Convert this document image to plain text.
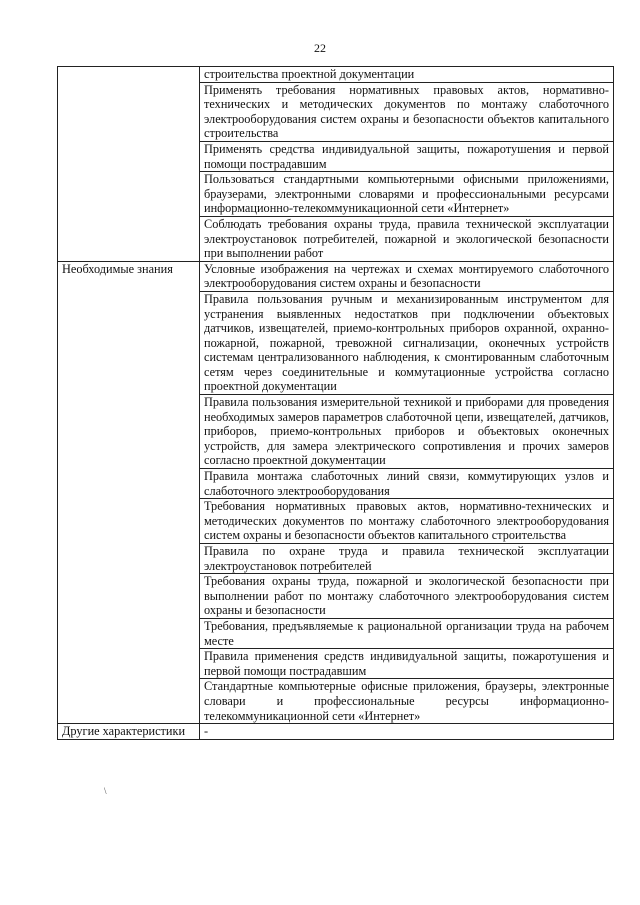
22
	строительства проектной документации
	Применять требования нормативных правовых актов, нормативно-технических и методических документов по монтажу слаботочного электрооборудования систем охраны и безопасности объектов капитального строительства
	Применять средства индивидуальной защиты, пожаротушения и первой помощи пострадавшим
	Пользоваться стандартными компьютерными офисными приложениями, браузерами, электронными словарями и профессиональными ресурсами информационно-телекоммуникационной сети «Интернет»
	Соблюдать требования охраны труда, правила технической эксплуатации электроустановок потребителей, пожарной и экологической безопасности при выполнении работ
Необходимые знания	Условные изображения на чертежах и схемах монтируемого слаботочного электрооборудования систем охраны и безопасности
	Правила пользования ручным и механизированным инструментом для устранения выявленных недостатков при подключении объектовых датчиков, извещателей, приемо-контрольных приборов охранной, охранно-пожарной, пожарной, тревожной сигнализации, оконечных устройств системам централизованного наблюдения, к смонтированным слаботочным сетям через соединительные и коммутационные устройства согласно проектной документации
	Правила пользования измерительной техникой и приборами для проведения необходимых замеров параметров слаботочной цепи, извещателей, датчиков, приборов, приемо-контрольных приборов и объектовых оконечных устройств, для замера электрического сопротивления и прочих замеров согласно проектной документации
	Правила монтажа слаботочных линий связи, коммутирующих узлов и слаботочного электрооборудования
	Требования нормативных правовых актов, нормативно-технических и методических документов по монтажу слаботочного электрооборудования систем охраны и безопасности объектов капитального строительства
	Правила по охране труда и правила технической эксплуатации электроустановок потребителей
	Требования охраны труда, пожарной и экологической безопасности при выполнении работ по монтажу слаботочного электрооборудования систем охраны и безопасности
	Требования, предъявляемые к рациональной организации труда на рабочем месте
	Правила применения средств индивидуальной защиты, пожаротушения и первой помощи пострадавшим
	Стандартные компьютерные офисные приложения, браузеры, электронные словари и профессиональные ресурсы информационно-телекоммуникационной сети «Интернет»
Другие характеристики	-
\
